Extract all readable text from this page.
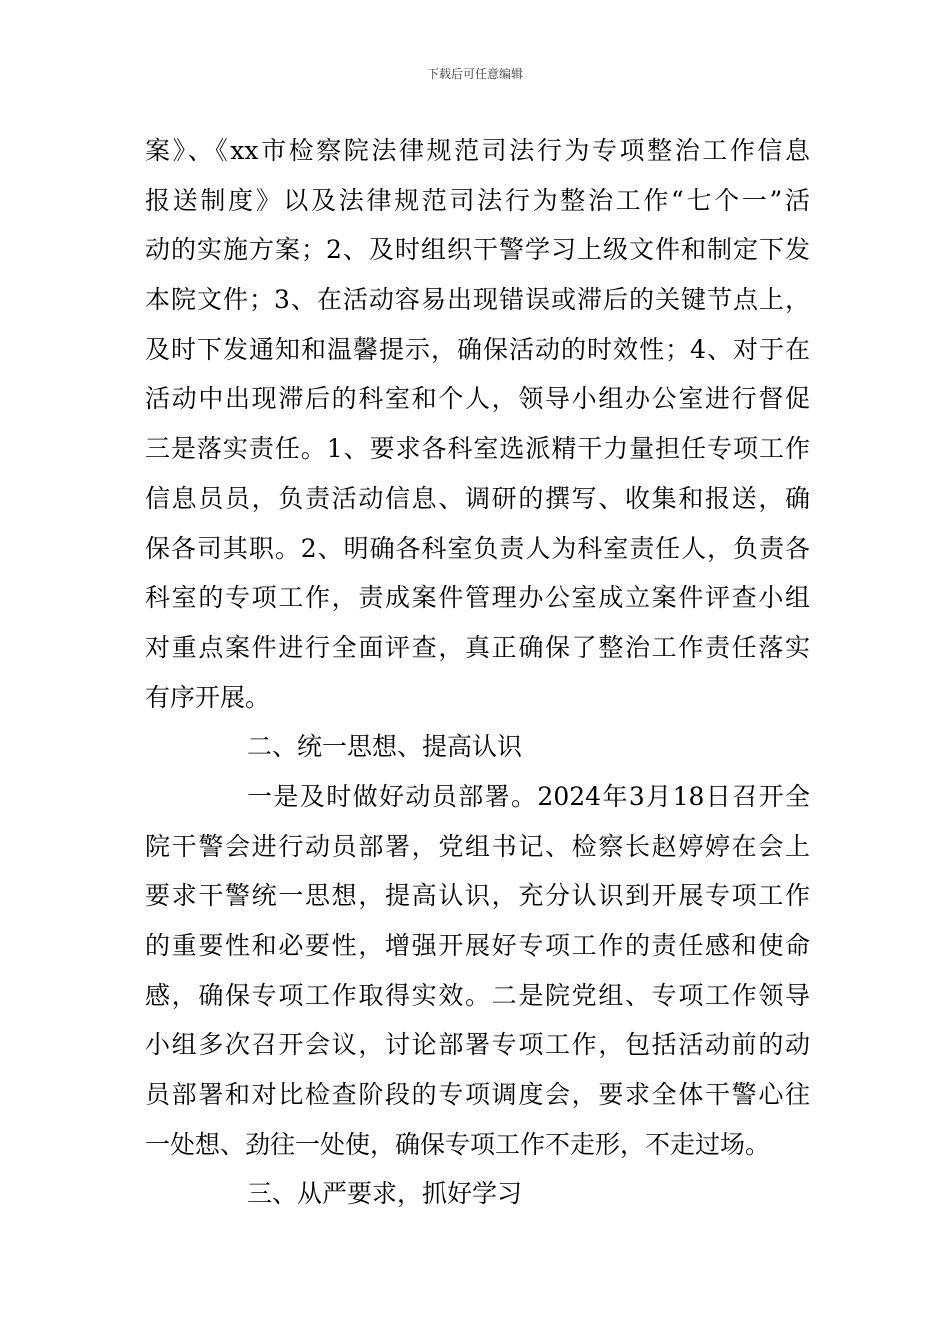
下载后可任意编辑
案》、《xx市检察院法律规范司法行为专项整治工作信息
报送制度》以及法律规范司法行为整治工作“七个一”活
动的实施方案；2、及时组织干警学习上级文件和制定下发
本院文件；3、在活动容易出现错误或滞后的关键节点上，
及时下发通知和温馨提示，确保活动的时效性；4、对于在
活动中出现滞后的科室和个人，领导小组办公室进行督促
三是落实责任。1、要求各科室选派精干力量担任专项工作
信息员员，负责活动信息、调研的撰写、收集和报送，确
保各司其职。2、明确各科室负责人为科室责任人，负责各
科室的专项工作，责成案件管理办公室成立案件评查小组
对重点案件进行全面评查，真正确保了整治工作责任落实
有序开展。
二、统一思想、提高认识
一是及时做好动员部署。2024年3月18日召开全
院干警会进行动员部署，党组书记、检察长赵婷婷在会上
要求干警统一思想，提高认识，充分认识到开展专项工作
的重要性和必要性，增强开展好专项工作的责任感和使命
感，确保专项工作取得实效。二是院党组、专项工作领导
小组多次召开会议，讨论部署专项工作，包括活动前的动
员部署和对比检查阶段的专项调度会，要求全体干警心往
一处想、劲往一处使，确保专项工作不走形，不走过场。
三、从严要求，抓好学习
